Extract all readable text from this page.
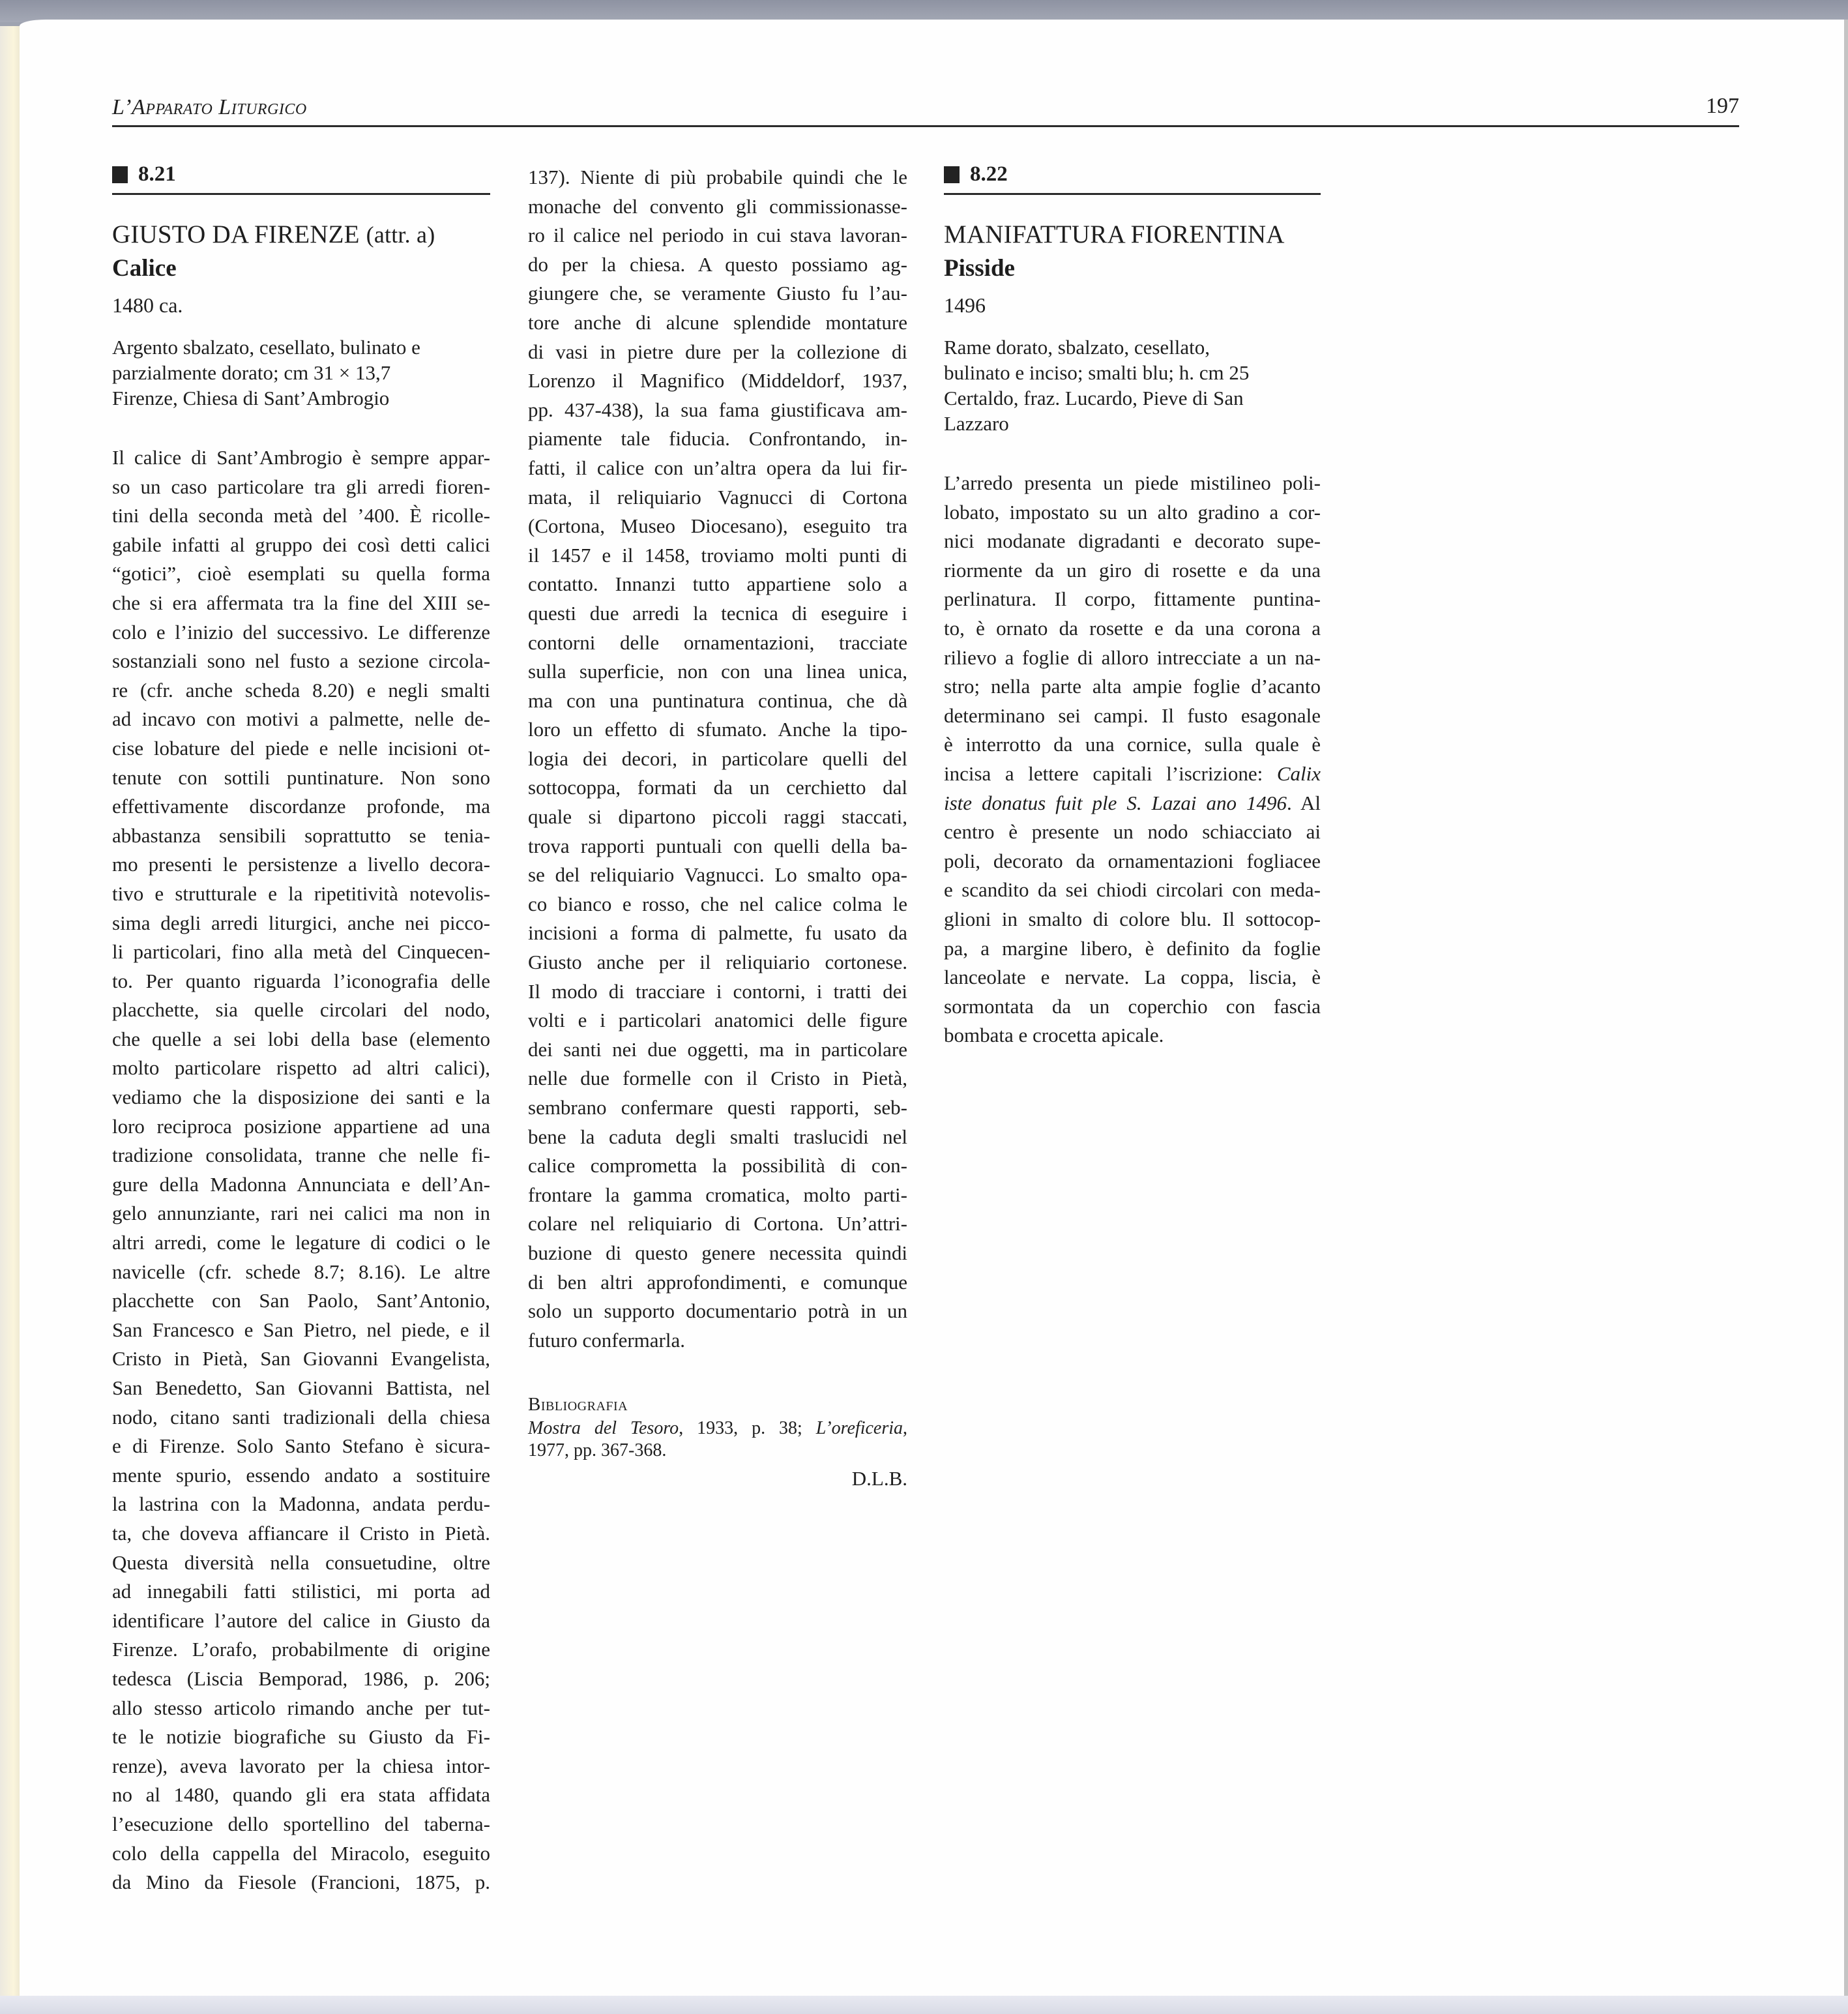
L’Apparato Liturgico	197
8.21
GIUSTO DA FIRENZE (attr. a)
Calice
1480 ca.
Argento sbalzato, cesellato, bulinato e
parzialmente dorato; cm 31 × 13,7
Firenze, Chiesa di Sant’Ambrogio
Il calice di Sant’Ambrogio è sempre appar-
so un caso particolare tra gli arredi fioren-
tini della seconda metà del ’400. È ricolle-
gabile infatti al gruppo dei così detti calici
“gotici”, cioè esemplati su quella forma
che si era affermata tra la fine del XIII se-
colo e l’inizio del successivo. Le differenze
sostanziali sono nel fusto a sezione circola-
re (cfr. anche scheda 8.20) e negli smalti
ad incavo con motivi a palmette, nelle de-
cise lobature del piede e nelle incisioni ot-
tenute con sottili puntinature. Non sono
effettivamente discordanze profonde, ma
abbastanza sensibili soprattutto se tenia-
mo presenti le persistenze a livello decora-
tivo e strutturale e la ripetitività notevolis-
sima degli arredi liturgici, anche nei picco-
li particolari, fino alla metà del Cinquecen-
to. Per quanto riguarda l’iconografia delle
placchette, sia quelle circolari del nodo,
che quelle a sei lobi della base (elemento
molto particolare rispetto ad altri calici),
vediamo che la disposizione dei santi e la
loro reciproca posizione appartiene ad una
tradizione consolidata, tranne che nelle fi-
gure della Madonna Annunciata e dell’An-
gelo annunziante, rari nei calici ma non in
altri arredi, come le legature di codici o le
navicelle (cfr. schede 8.7; 8.16). Le altre
placchette con San Paolo, Sant’Antonio,
San Francesco e San Pietro, nel piede, e il
Cristo in Pietà, San Giovanni Evangelista,
San Benedetto, San Giovanni Battista, nel
nodo, citano santi tradizionali della chiesa
e di Firenze. Solo Santo Stefano è sicura-
mente spurio, essendo andato a sostituire
la lastrina con la Madonna, andata perdu-
ta, che doveva affiancare il Cristo in Pietà.
Questa diversità nella consuetudine, oltre
ad innegabili fatti stilistici, mi porta ad
identificare l’autore del calice in Giusto da
Firenze. L’orafo, probabilmente di origine
tedesca (Liscia Bemporad, 1986, p. 206;
allo stesso articolo rimando anche per tut-
te le notizie biografiche su Giusto da Fi-
renze), aveva lavorato per la chiesa intor-
no al 1480, quando gli era stata affidata
l’esecuzione dello sportellino del taberna-
colo della cappella del Miracolo, eseguito
da Mino da Fiesole (Francioni, 1875, p.
137). Niente di più probabile quindi che le
monache del convento gli commissionasse-
ro il calice nel periodo in cui stava lavoran-
do per la chiesa. A questo possiamo ag-
giungere che, se veramente Giusto fu l’au-
tore anche di alcune splendide montature
di vasi in pietre dure per la collezione di
Lorenzo il Magnifico (Middeldorf, 1937,
pp. 437-438), la sua fama giustificava am-
piamente tale fiducia. Confrontando, in-
fatti, il calice con un’altra opera da lui fir-
mata, il reliquiario Vagnucci di Cortona
(Cortona, Museo Diocesano), eseguito tra
il 1457 e il 1458, troviamo molti punti di
contatto. Innanzi tutto appartiene solo a
questi due arredi la tecnica di eseguire i
contorni delle ornamentazioni, tracciate
sulla superficie, non con una linea unica,
ma con una puntinatura continua, che dà
loro un effetto di sfumato. Anche la tipo-
logia dei decori, in particolare quelli del
sottocoppa, formati da un cerchietto dal
quale si dipartono piccoli raggi staccati,
trova rapporti puntuali con quelli della ba-
se del reliquiario Vagnucci. Lo smalto opa-
co bianco e rosso, che nel calice colma le
incisioni a forma di palmette, fu usato da
Giusto anche per il reliquiario cortonese.
Il modo di tracciare i contorni, i tratti dei
volti e i particolari anatomici delle figure
dei santi nei due oggetti, ma in particolare
nelle due formelle con il Cristo in Pietà,
sembrano confermare questi rapporti, seb-
bene la caduta degli smalti traslucidi nel
calice comprometta la possibilità di con-
frontare la gamma cromatica, molto parti-
colare nel reliquiario di Cortona. Un’attri-
buzione di questo genere necessita quindi
di ben altri approfondimenti, e comunque
solo un supporto documentario potrà in un
futuro confermarla.
Bibliografia
Mostra del Tesoro, 1933, p. 38; L’oreficeria,
1977, pp. 367-368.
D.L.B.
8.22
MANIFATTURA FIORENTINA
Pisside
1496
Rame dorato, sbalzato, cesellato,
bulinato e inciso; smalti blu; h. cm 25
Certaldo, fraz. Lucardo, Pieve di San
Lazzaro
L’arredo presenta un piede mistilineo poli-
lobato, impostato su un alto gradino a cor-
nici modanate digradanti e decorato supe-
riormente da un giro di rosette e da una
perlinatura. Il corpo, fittamente puntina-
to, è ornato da rosette e da una corona a
rilievo a foglie di alloro intrecciate a un na-
stro; nella parte alta ampie foglie d’acanto
determinano sei campi. Il fusto esagonale
è interrotto da una cornice, sulla quale è
incisa a lettere capitali l’iscrizione: Calix
iste donatus fuit ple S. Lazai ano 1496. Al
centro è presente un nodo schiacciato ai
poli, decorato da ornamentazioni fogliacee
e scandito da sei chiodi circolari con meda-
glioni in smalto di colore blu. Il sottocop-
pa, a margine libero, è definito da foglie
lanceolate e nervate. La coppa, liscia, è
sormontata da un coperchio con fascia
bombata e crocetta apicale.
